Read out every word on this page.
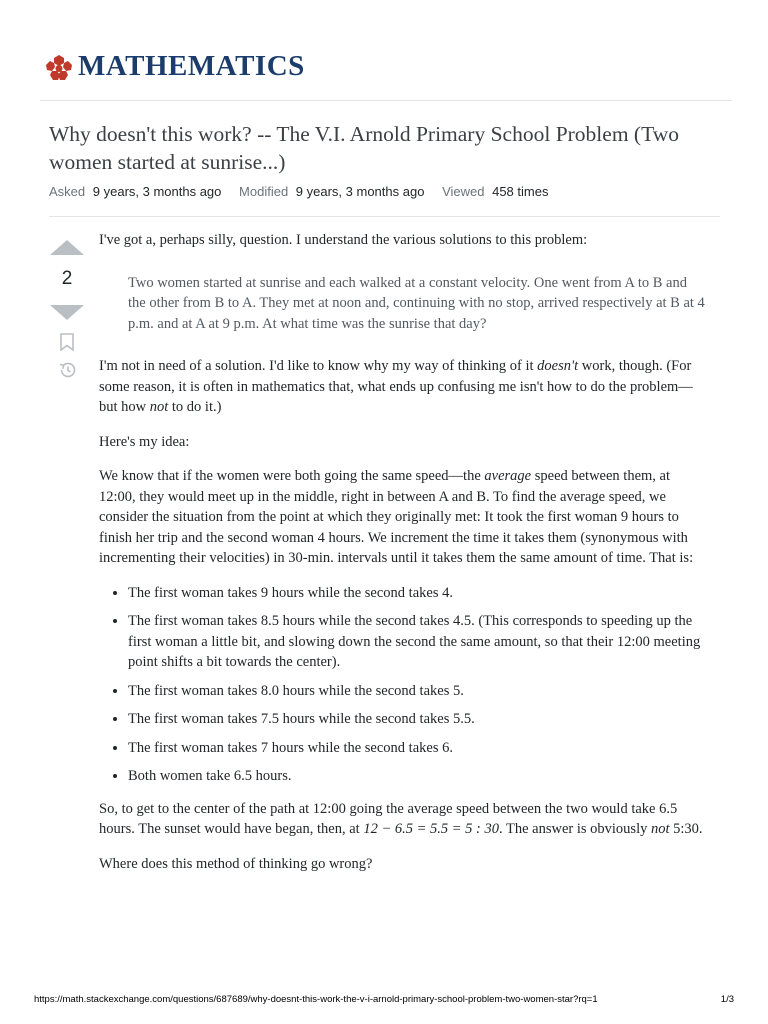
MATHEMATICS
Why doesn't this work? -- The V.I. Arnold Primary School Problem (Two women started at sunrise...)
Asked 9 years, 3 months ago Modified 9 years, 3 months ago Viewed 458 times
2

I've got a, perhaps silly, question. I understand the various solutions to this problem:

Two women started at sunrise and each walked at a constant velocity. One went from A to B and the other from B to A. They met at noon and, continuing with no stop, arrived respectively at B at 4 p.m. and at A at 9 p.m. At what time was the sunrise that day?

I'm not in need of a solution. I'd like to know why my way of thinking of it doesn't work, though. (For some reason, it is often in mathematics that, what ends up confusing me isn't how to do the problem—but how not to do it.)

Here's my idea:

We know that if the women were both going the same speed—the average speed between them, at 12:00, they would meet up in the middle, right in between A and B. To find the average speed, we consider the situation from the point at which they originally met: It took the first woman 9 hours to finish her trip and the second woman 4 hours. We increment the time it takes them (synonymous with incrementing their velocities) in 30-min. intervals until it takes them the same amount of time. That is:

• The first woman takes 9 hours while the second takes 4.
• The first woman takes 8.5 hours while the second takes 4.5. (This corresponds to speeding up the first woman a little bit, and slowing down the second the same amount, so that their 12:00 meeting point shifts a bit towards the center).
• The first woman takes 8.0 hours while the second takes 5.
• The first woman takes 7.5 hours while the second takes 5.5.
• The first woman takes 7 hours while the second takes 6.
• Both women take 6.5 hours.

So, to get to the center of the path at 12:00 going the average speed between the two would take 6.5 hours. The sunset would have began, then, at 12 − 6.5 = 5.5 = 5 : 30. The answer is obviously not 5:30.

Where does this method of thinking go wrong?

https://math.stackexchange.com/questions/687689/why-doesnt-this-work-the-v-i-arnold-primary-school-problem-two-women-star?rq=1	1/3
